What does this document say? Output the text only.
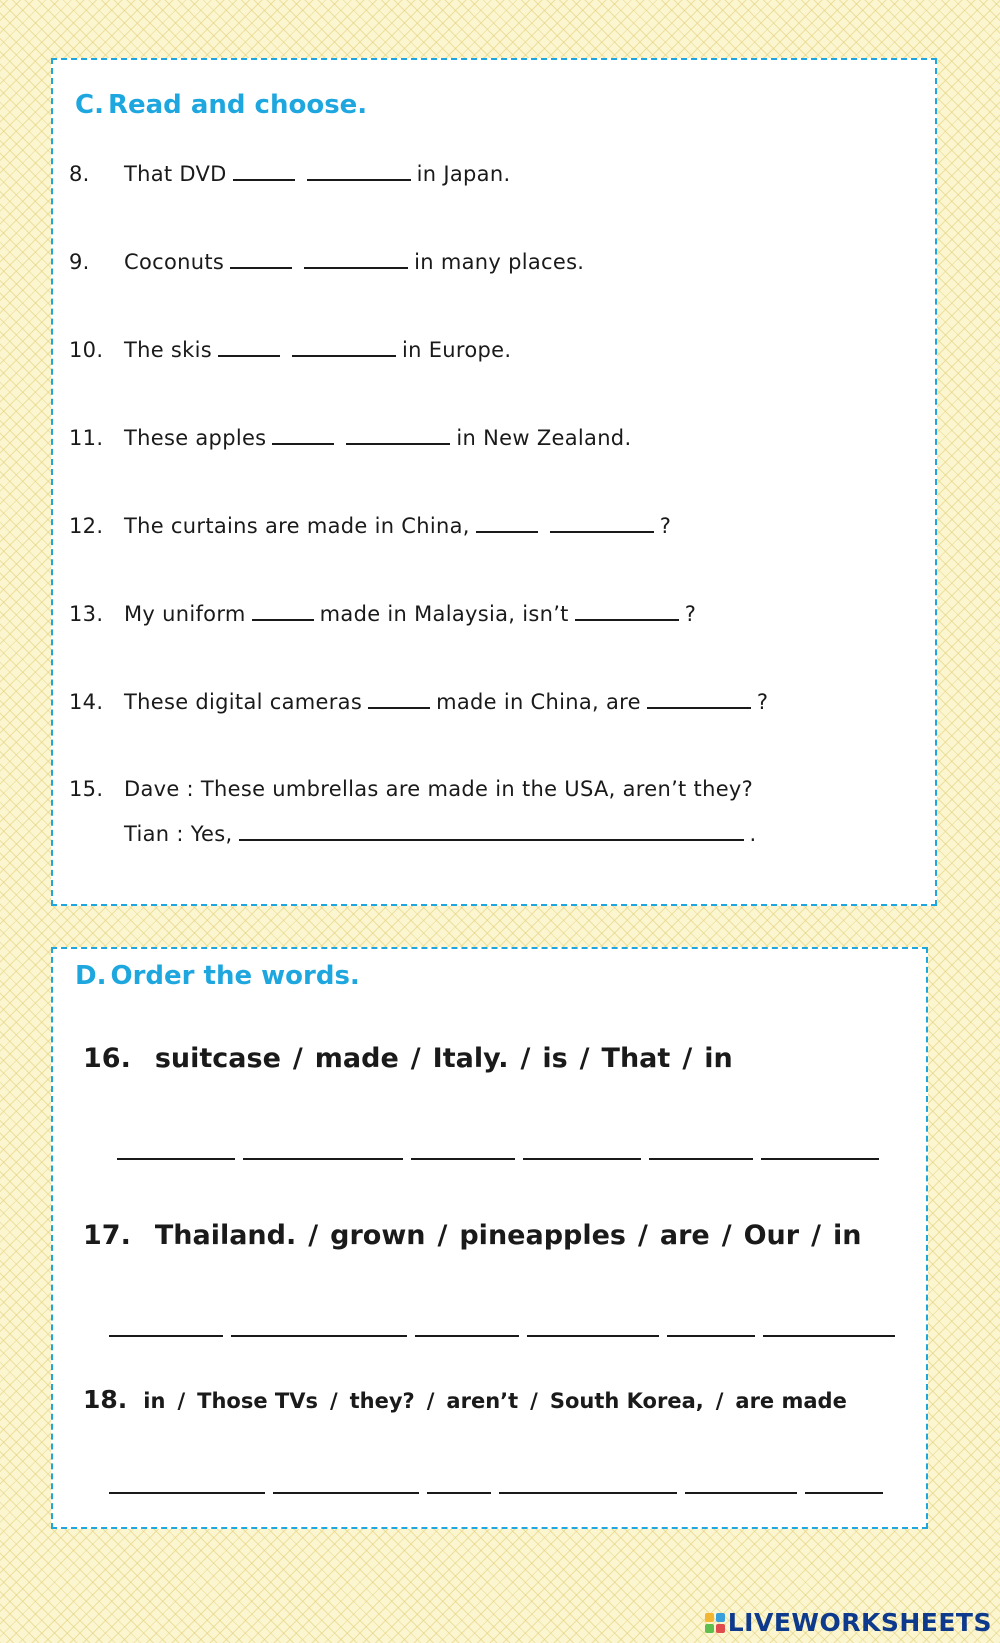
C. Read and choose.
8. That DVD	in Japan.
9. Coconuts	in many places.
10. The skis	in Europe.
11. These apples	in New Zealand.
12. The curtains are made in China,	?
13. My uniform	made in Malaysia, isn’t	?
14. These digital cameras	made in China, are	?
15. Dave : These umbrellas are made in the USA, aren’t they?
Tian : Yes,	.
D. Order the words.
16. suitcase / made / Italy. / is / That / in
17. Thailand. / grown / pineapples / are / Our / in
18. in / Those TVs / they? / aren’t / South Korea, / are made
LIVEWORKSHEETS
